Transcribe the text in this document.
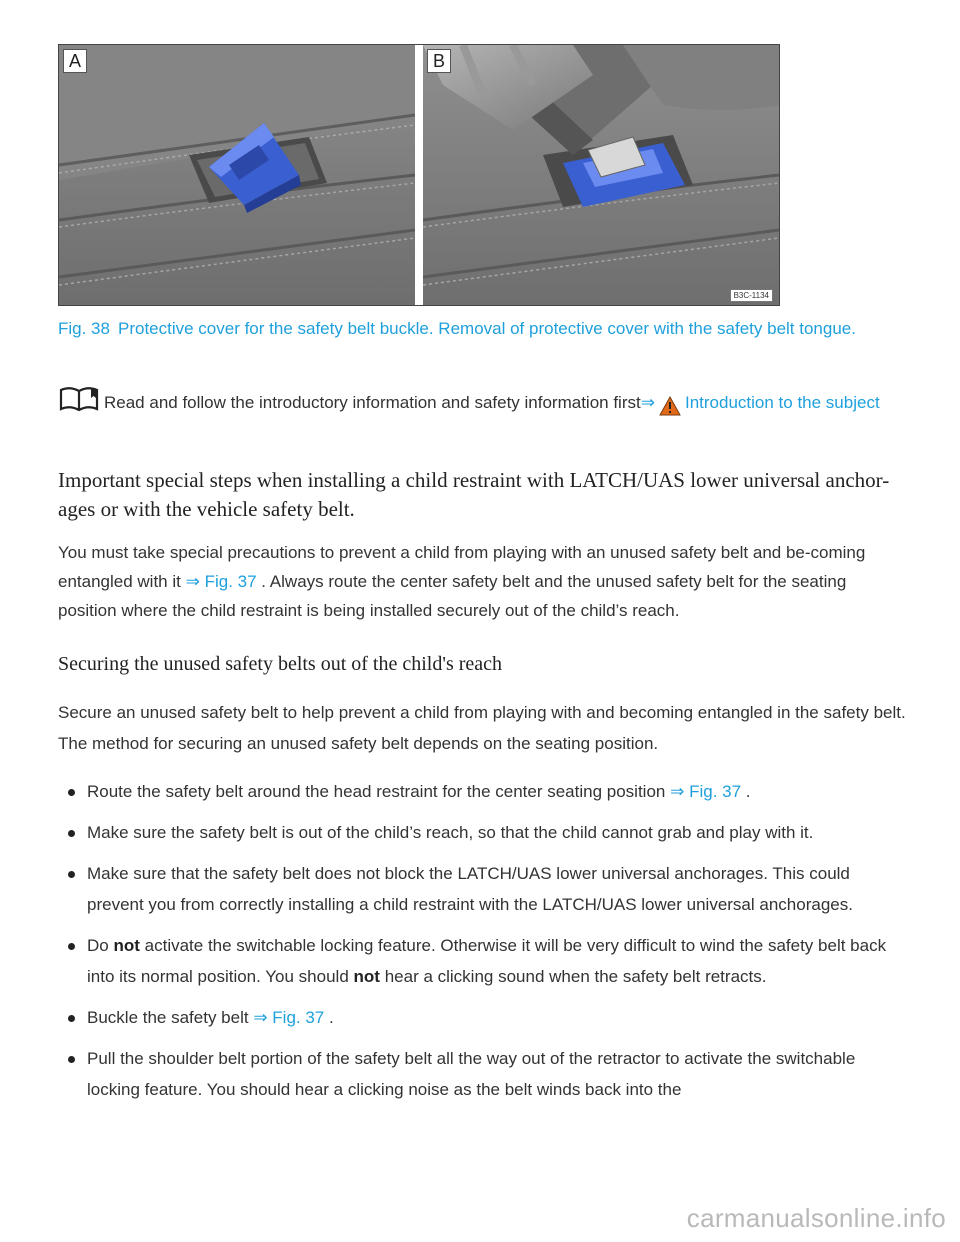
A	B
B3C-1134
Fig. 38 Protective cover for the safety belt buckle. Removal of protective cover with the safety belt tongue.
Read and follow the introductory information and safety information first⇒ Introduction to the subject
Important special steps when installing a child restraint with LATCH/UAS lower universal anchor-ages or with the vehicle safety belt.
You must take special precautions to prevent a child from playing with an unused safety belt and be-coming entangled with it ⇒ Fig. 37 . Always route the center safety belt and the unused safety belt for the seating position where the child restraint is being installed securely out of the child’s reach.
Securing the unused safety belts out of the child's reach
Secure an unused safety belt to help prevent a child from playing with and becoming entangled in the safety belt. The method for securing an unused safety belt depends on the seating position.
Route the safety belt around the head restraint for the center seating position ⇒ Fig. 37 .
Make sure the safety belt is out of the child’s reach, so that the child cannot grab and play with it.
Make sure that the safety belt does not block the LATCH/UAS lower universal anchorages. This could prevent you from correctly installing a child restraint with the LATCH/UAS lower universal anchorages.
Do not activate the switchable locking feature. Otherwise it will be very difficult to wind the safety belt back into its normal position. You should not hear a clicking sound when the safety belt retracts.
Buckle the safety belt ⇒ Fig. 37 .
Pull the shoulder belt portion of the safety belt all the way out of the retractor to activate the switchable locking feature. You should hear a clicking noise as the belt winds back into the
carmanualsonline.info
